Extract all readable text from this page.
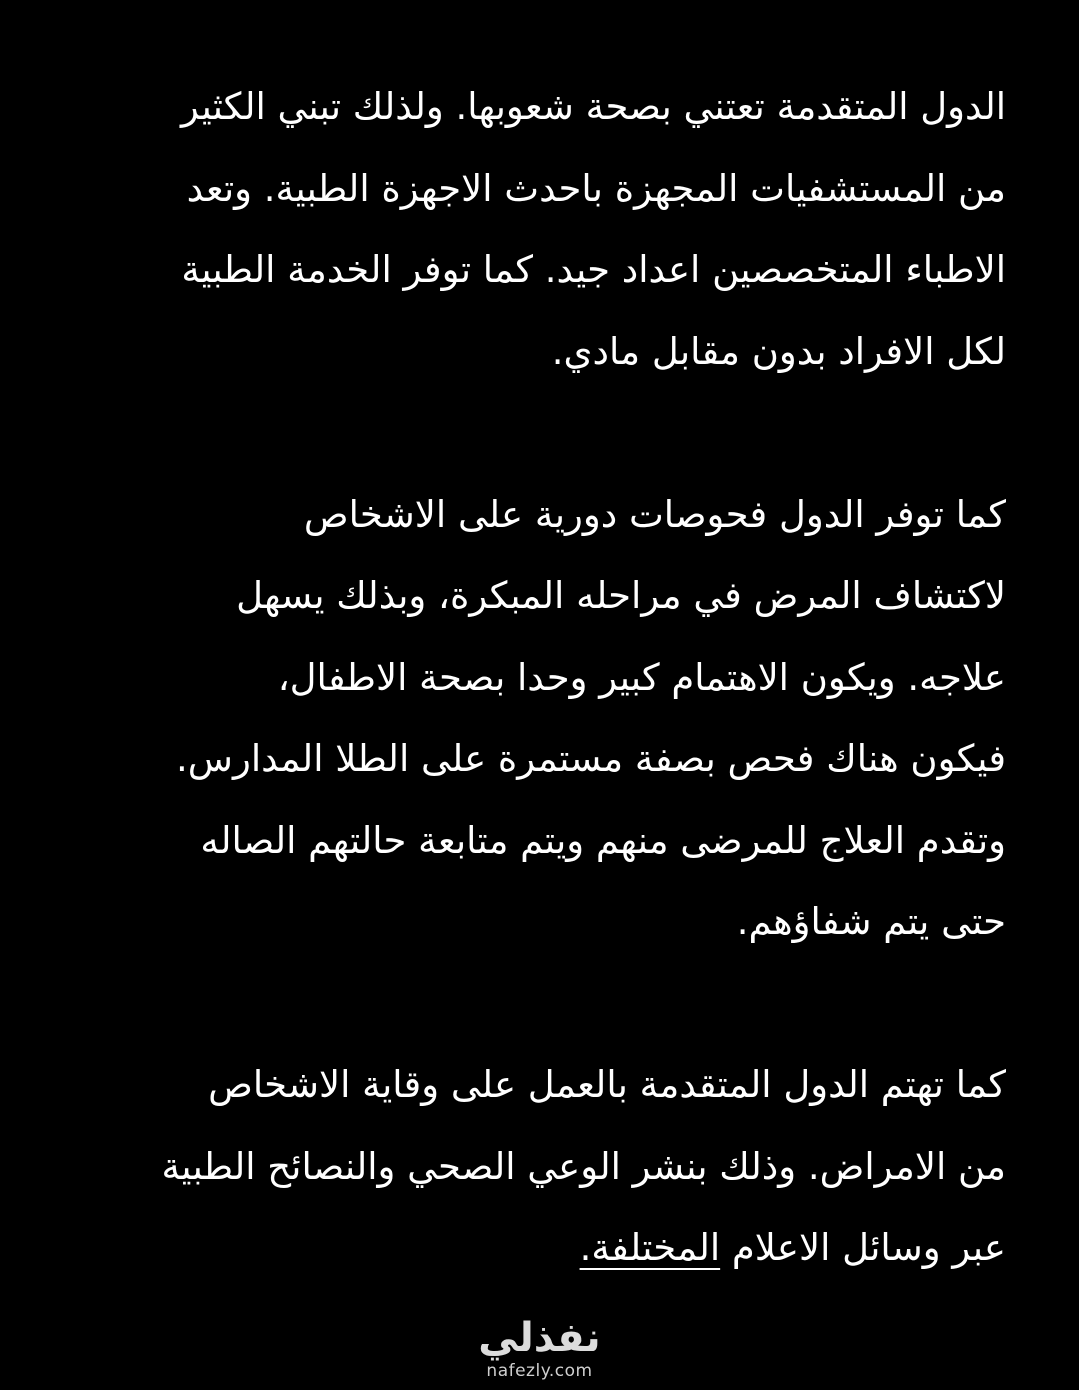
الدول المتقدمة تعتني بصحة شعوبها. ولذلك تبني الكثير
من المستشفيات المجهزة باحدث الاجهزة الطبية. وتعد
الاطباء المتخصصين اعداد جيد. كما توفر الخدمة الطبية
لكل الافراد بدون مقابل مادي.
كما توفر الدول فحوصات دورية على الاشخاص
لاكتشاف المرض في مراحله المبكرة، وبذلك يسهل
علاجه. ويكون الاهتمام كبير وحدا بصحة الاطفال،
فيكون هناك فحص بصفة مستمرة على الطلا المدارس.
وتقدم العلاج للمرضى منهم ويتم متابعة حالتهم الصاله
حتى يتم شفاؤهم.
كما تهتم الدول المتقدمة بالعمل على وقاية الاشخاص
من الامراض. وذلك بنشر الوعي الصحي والنصائح الطبية
عبر وسائل الاعلام المختلفة.
نفذلي
nafezly.com
